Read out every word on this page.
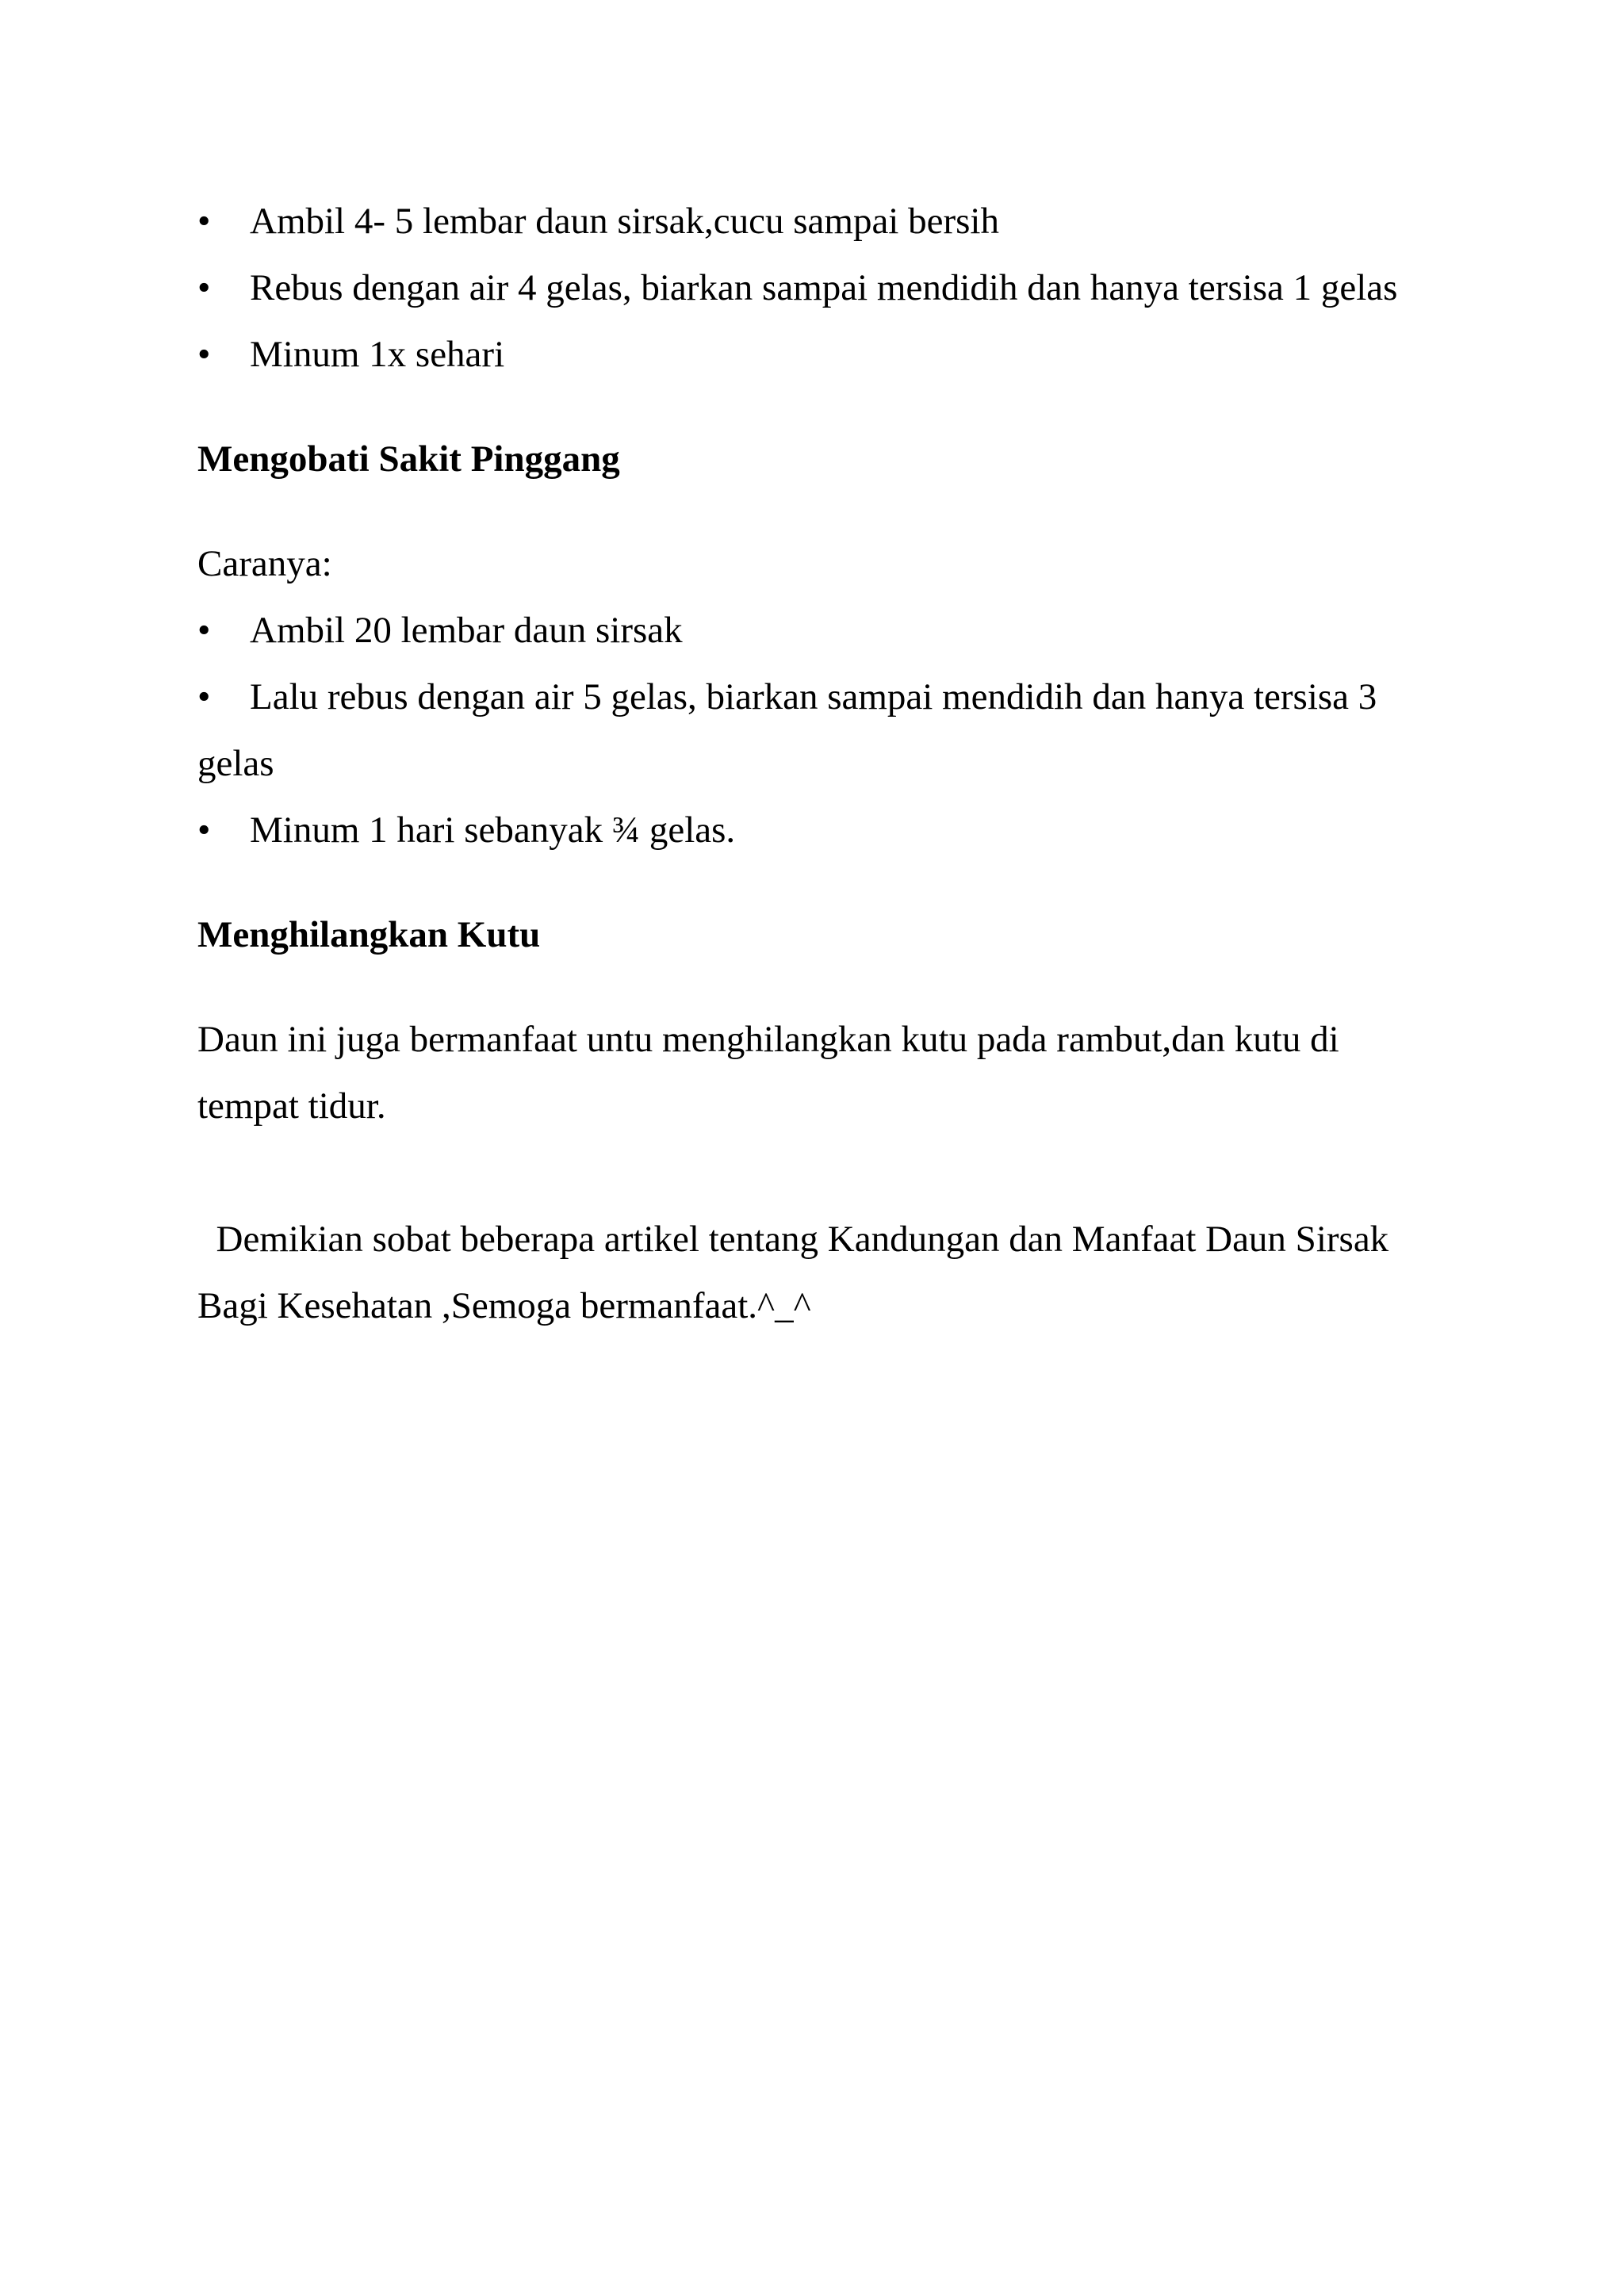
• Ambil 4- 5 lembar daun sirsak,cucu sampai bersih
• Rebus dengan air 4 gelas, biarkan sampai mendidih dan hanya tersisa 1 gelas
• Minum 1x sehari
Mengobati Sakit Pinggang
Caranya:
• Ambil 20 lembar daun sirsak
• Lalu rebus dengan air 5 gelas, biarkan sampai mendidih dan hanya tersisa 3
gelas
• Minum 1 hari sebanyak ¾ gelas.
Menghilangkan Kutu
Daun ini juga bermanfaat untu menghilangkan kutu pada rambut,dan kutu di
tempat tidur.
Demikian sobat beberapa artikel tentang Kandungan dan Manfaat Daun Sirsak
Bagi Kesehatan ,Semoga bermanfaat.^_^
